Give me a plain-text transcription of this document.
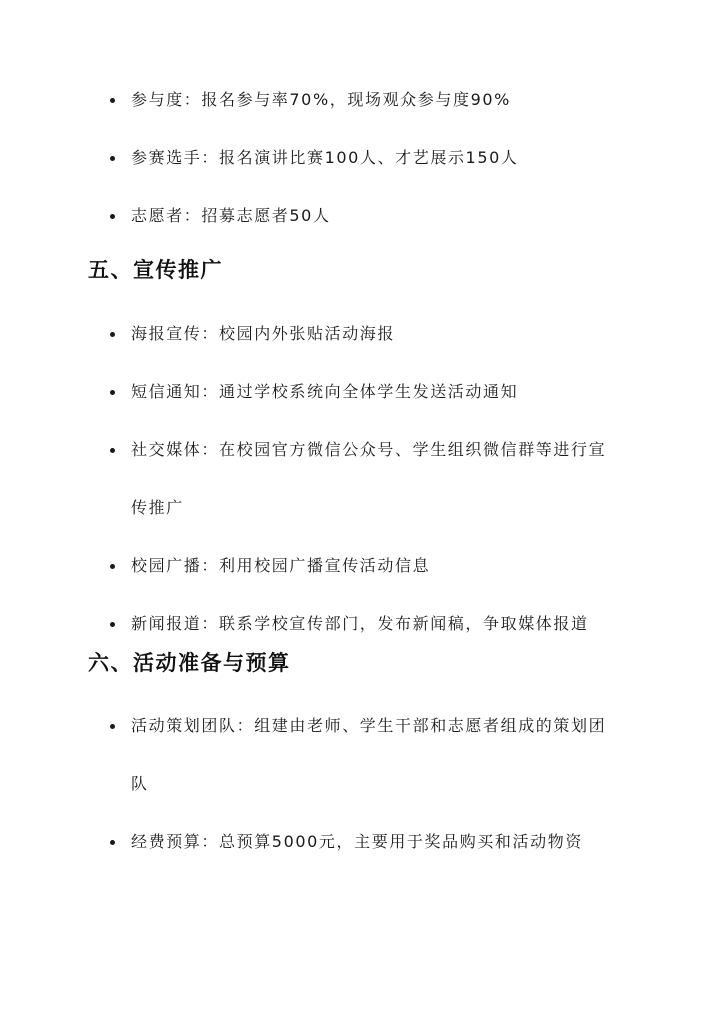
参与度：报名参与率70%，现场观众参与度90%
参赛选手：报名演讲比赛100人、才艺展示150人
志愿者：招募志愿者50人
五、宣传推广
海报宣传：校园内外张贴活动海报
短信通知：通过学校系统向全体学生发送活动通知
社交媒体：在校园官方微信公众号、学生组织微信群等进行宣传推广
校园广播：利用校园广播宣传活动信息
新闻报道：联系学校宣传部门，发布新闻稿，争取媒体报道
六、活动准备与预算
活动策划团队：组建由老师、学生干部和志愿者组成的策划团队
经费预算：总预算5000元，主要用于奖品购买和活动物资
